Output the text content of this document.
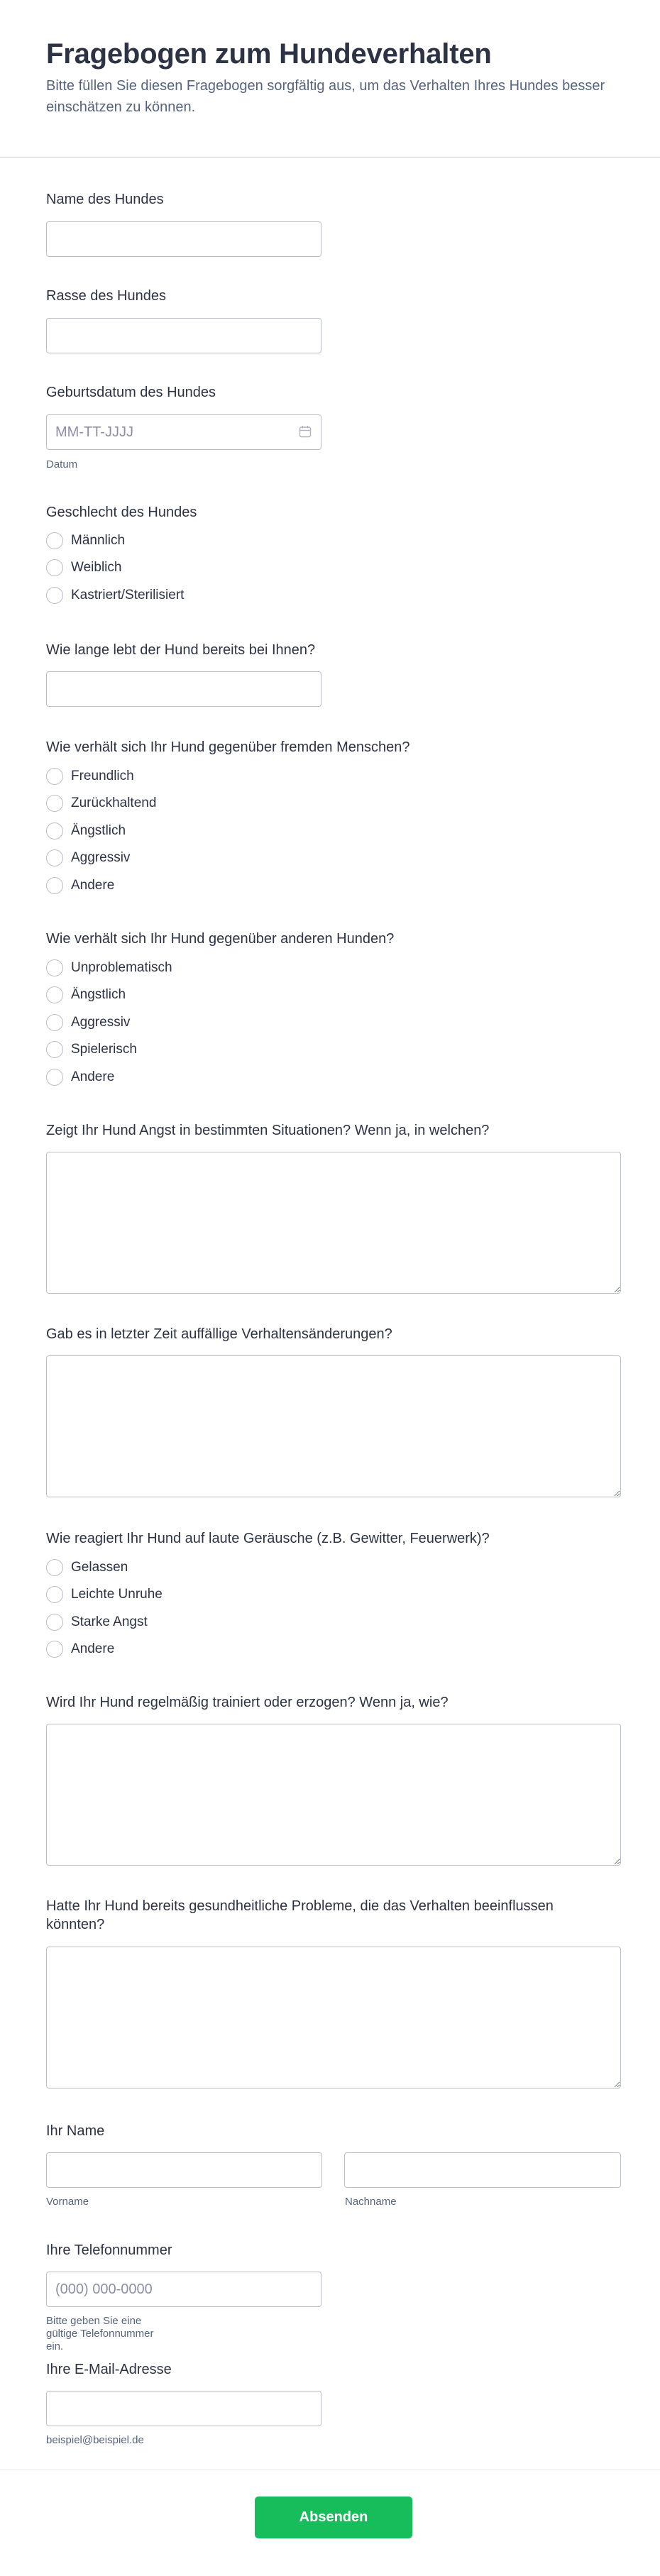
Fragebogen zum Hundeverhalten

Bitte füllen Sie diesen Fragebogen sorgfältig aus, um das Verhalten Ihres Hundes besser einschätzen zu können.

Name des Hundes
Rasse des Hundes
Geburtsdatum des Hundes
MM-TT-JJJJ
Datum
Geschlecht des Hundes
Männlich
Weiblich
Kastriert/Sterilisiert
Wie lange lebt der Hund bereits bei Ihnen?
Wie verhält sich Ihr Hund gegenüber fremden Menschen?
Freundlich
Zurückhaltend
Ängstlich
Aggressiv
Andere
Wie verhält sich Ihr Hund gegenüber anderen Hunden?
Unproblematisch
Ängstlich
Aggressiv
Spielerisch
Andere
Zeigt Ihr Hund Angst in bestimmten Situationen? Wenn ja, in welchen?
Gab es in letzter Zeit auffällige Verhaltensänderungen?
Wie reagiert Ihr Hund auf laute Geräusche (z.B. Gewitter, Feuerwerk)?
Gelassen
Leichte Unruhe
Starke Angst
Andere
Wird Ihr Hund regelmäßig trainiert oder erzogen? Wenn ja, wie?
Hatte Ihr Hund bereits gesundheitliche Probleme, die das Verhalten beeinflussen könnten?
Ihr Name
Vorname	Nachname
Ihre Telefonnummer
(000) 000-0000
Bitte geben Sie eine gültige Telefonnummer ein.
Ihre E-Mail-Adresse
beispiel@beispiel.de
Absenden
